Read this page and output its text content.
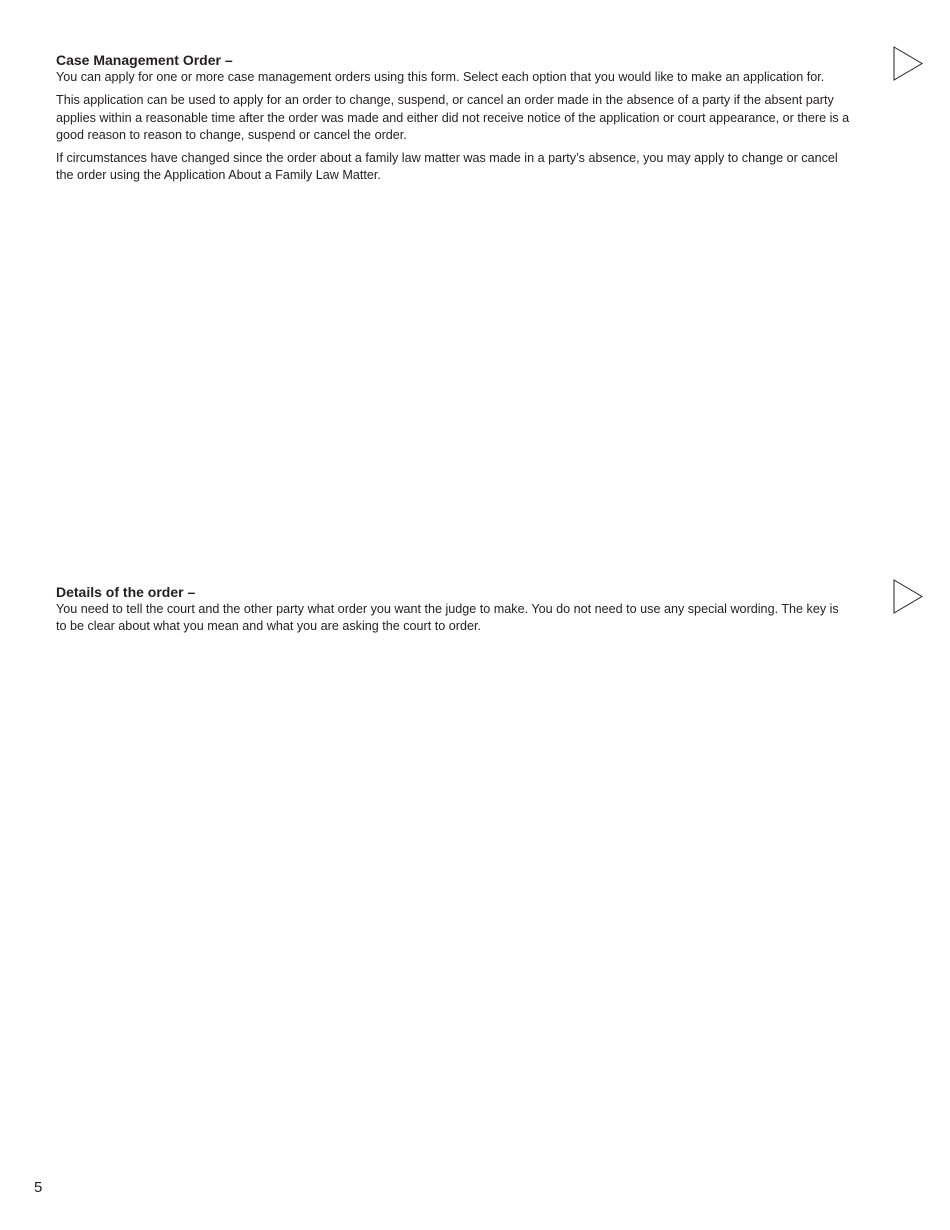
Case Management Order –

You can apply for one or more case management orders using this form. Select each option that you would like to make an application for.

This application can be used to apply for an order to change, suspend, or cancel an order made in the absence of a party if the absent party applies within a reasonable time after the order was made and either did not receive notice of the application or court appearance, or there is a good reason to reason to change, suspend or cancel the order.

If circumstances have changed since the order about a family law matter was made in a party’s absence, you may apply to change or cancel the order using the Application About a Family Law Matter.

Details of the order –

You need to tell the court and the other party what order you want the judge to make. You do not need to use any special wording. The key is to be clear about what you mean and what you are asking the court to order.

5
